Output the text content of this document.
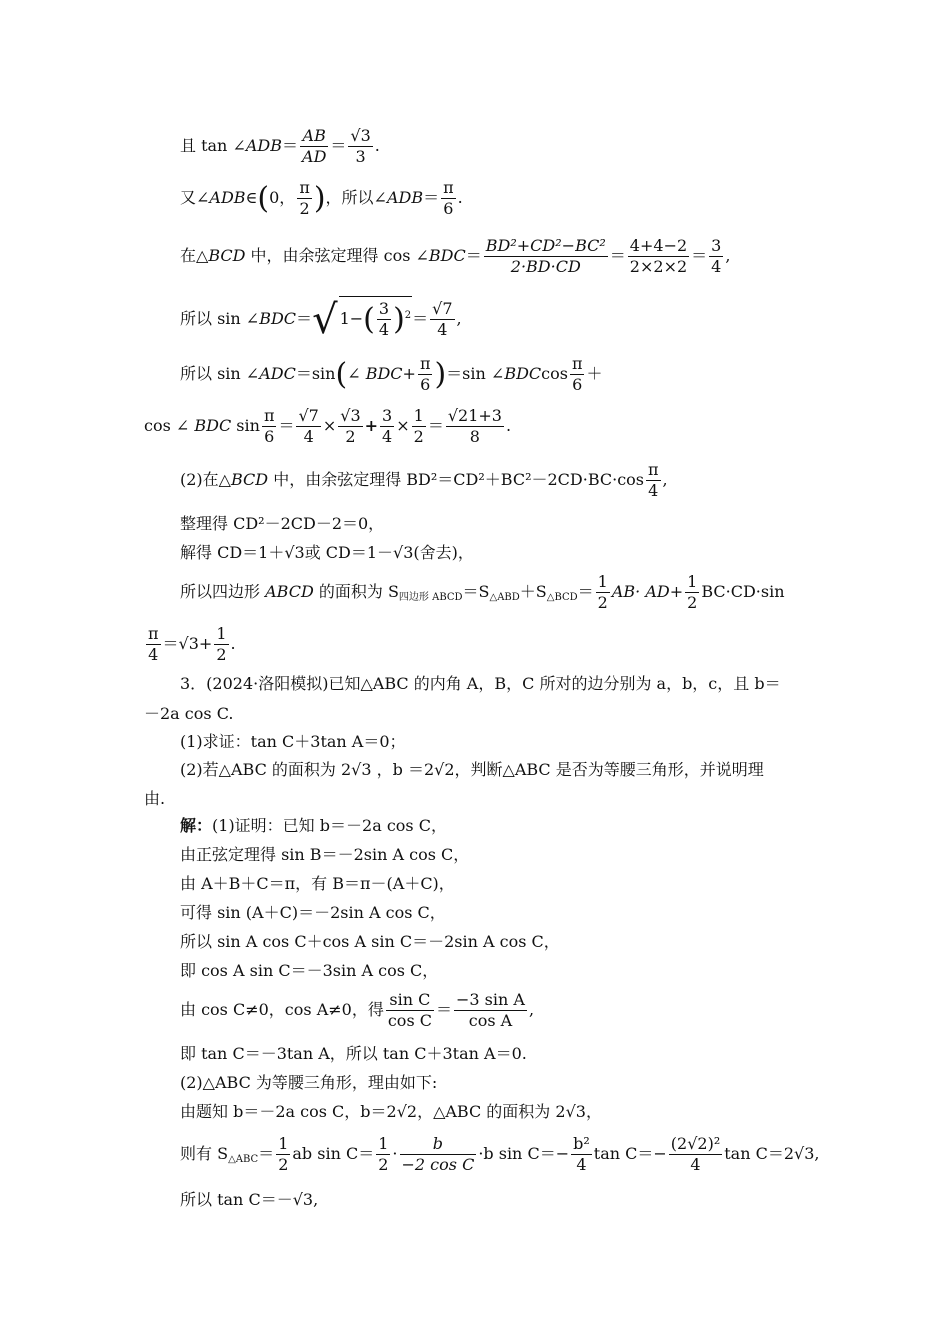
且 tan ∠ADB＝ $\frac{AB}{AD} = \frac{√3}{3}$ .
又∠ADB∈(0， $\frac{\pi}{2}$ )，所以∠ADB＝ $\frac{\pi}{6}$ .
在△BCD 中，由余弦定理得 cos ∠BDC＝ $\frac{\text{BD²+CD²−BC²}}{2\cdot BD\cdot CD} = \frac{4+4-2}{2\times 2\times 2} = \frac{3}{4}$ ,
所以 sin ∠BDC＝√ $1-( \frac{3}{4} )^2= \frac{√7}{4}$ ,
所以 sin ∠ADC＝sin(∠ $BDC+ \frac{\pi}{6} )=\sin$ ∠BDCcos $\frac{\pi}{6}$ ＋
cos ∠ BDC $\sin \frac{\pi}{6} = \frac{√7}{4} \times \frac{√3}{2} + \frac{3}{4} \times \frac{1}{2} = \frac{√21+3}{8}$ .
(2)在△BCD 中，由余弦定理得 $BD^2=CD^2+BC^2-2CD\cdot BC\cdot\cos \frac{\pi}{4}$ ,
整理得 CD²－2CD－2＝0，
解得 CD＝1＋√3或 CD＝1－√3(舍去)，
所以四边形 ABCD 的面积为 $S_{四边形 ABCD}=S_{\triangle ABD}+S_{\triangle BCD}= \frac{1}{2} AB\cdot AD+ \frac{1}{2} BC\cdot CD\cdot\sin$
$\frac{\pi}{4} =√3+ \frac{1}{2}$ .
3．(2024·洛阳模拟)已知△ABC 的内角 A，B，C 所对的边分别为 a，b，c，且 b＝
－2a cos C.
(1)求证：tan C＋3tan A＝0；
(2)若△ABC 的面积为 2√3 ，b ＝2√2，判断△ABC 是否为等腰三角形，并说明理
由.
解：(1)证明：已知 b＝－2a cos C，
由正弦定理得 sin B＝－2sin A cos C，
由 A＋B＋C＝π，有 B＝π－(A＋C)，
可得 sin (A＋C)＝－2sin A cos C，
所以 sin A cos C＋cos A sin C＝－2sin A cos C，
即 cos A sin C＝－3sin A cos C，
由 cos C≠0，cos A≠0，得 $\frac{\text{sin C}}{\text{cos C}} = \frac{\text{−3 sin A}}{\text{cos A}}$ ,
即 tan C＝－3tan A，所以 tan C＋3tan A＝0.
(2)△ABC 为等腰三角形，理由如下:
由题知 b＝－2a cos C，b＝2√2，△ABC 的面积为 2√3，
则有 $S_{\triangle ABC}= \frac{1}{2}$ ab $\sin C= \frac{1}{2} \cdot \frac{b}{\text{−2 cos C}} \cdot b$ $\sin C=- \frac{\text{b²}}{4}$ $\tan C=- \frac{\text{(2√2)²}}{4}$ tan C＝2√3,
所以 tan C＝－√3,
